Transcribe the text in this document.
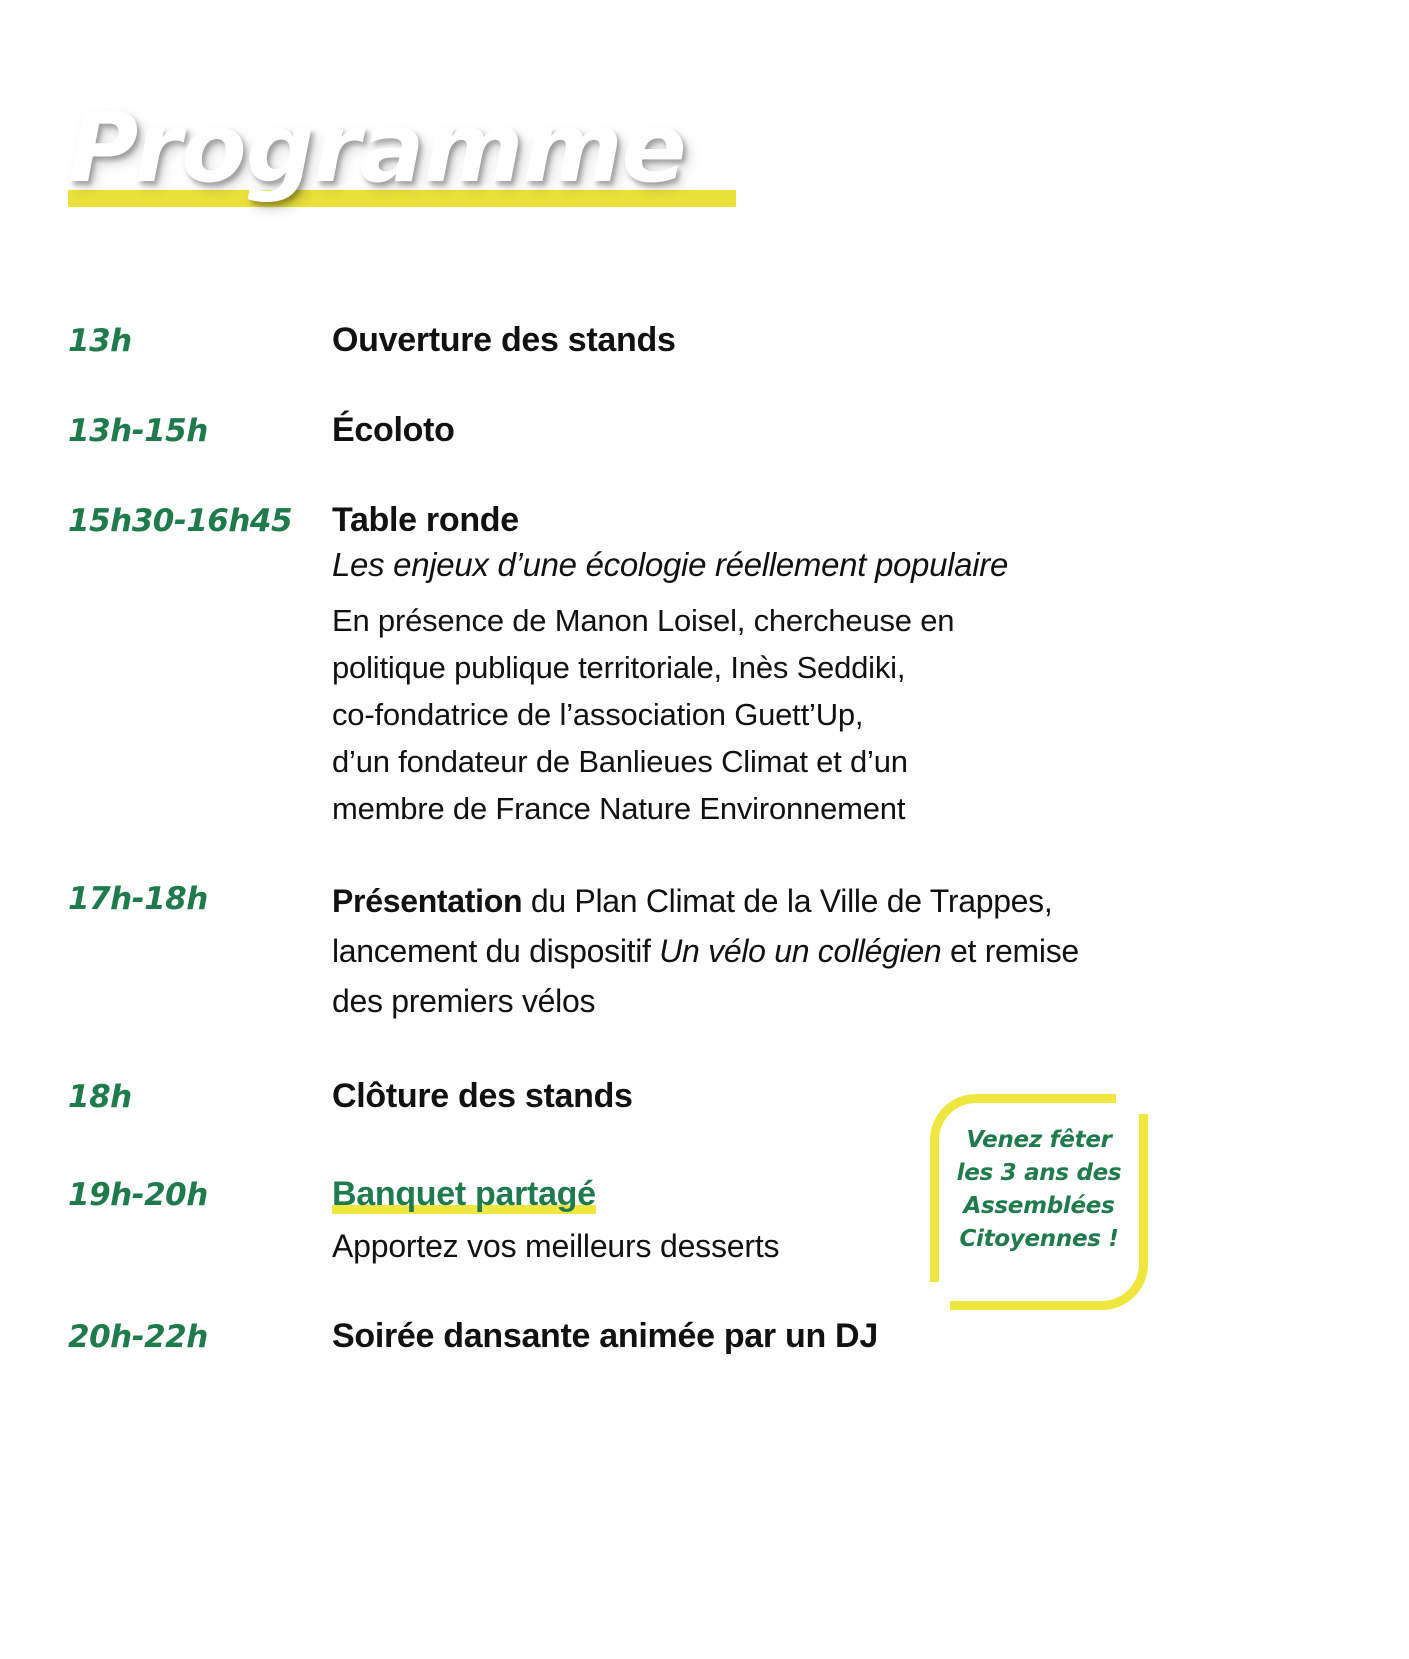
Programme
13h	Ouverture des stands
13h-15h	Écoloto
15h30-16h45	Table ronde
Les enjeux d’une écologie réellement populaire
En présence de Manon Loisel, chercheuse en
politique publique territoriale, Inès Seddiki,
co-fondatrice de l’association Guett’Up,
d’un fondateur de Banlieues Climat et d’un
membre de France Nature Environnement
17h-18h	Présentation du Plan Climat de la Ville de Trappes, lancement du dispositif Un vélo un collégien et remise des premiers vélos
18h	Clôture des stands
19h-20h	Banquet partagé
Apportez vos meilleurs desserts
20h-22h	Soirée dansante animée par un DJ
Venez fêter
les 3 ans des
Assemblées
Citoyennes !
